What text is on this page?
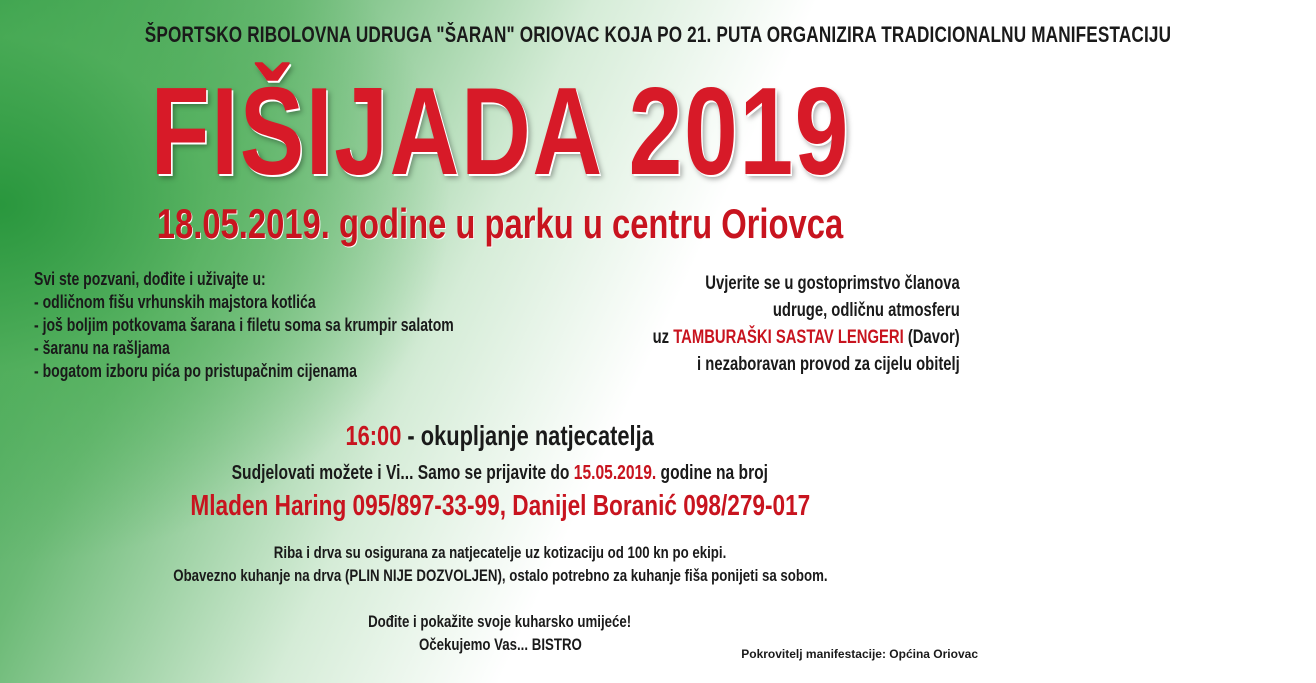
ŠPORTSKO RIBOLOVNA UDRUGA "ŠARAN" ORIOVAC KOJA PO 21. PUTA ORGANIZIRA TRADICIONALNU MANIFESTACIJU
FIŠIJADA 2019
18.05.2019. godine u parku u centru Oriovca
Svi ste pozvani, dođite i uživajte u:
- odličnom fišu vrhunskih majstora kotlića
- još boljim potkovama šarana i filetu soma sa krumpir salatom
- šaranu na rašljama
- bogatom izboru pića po pristupačnim cijenama
Uvjerite se u gostoprimstvo članova
udruge, odličnu atmosferu
uz TAMBURAŠKI SASTAV LENGERI (Davor)
i nezaboravan provod za cijelu obitelj
16:00 - okupljanje natjecatelja
Sudjelovati možete i Vi... Samo se prijavite do 15.05.2019. godine na broj
Mladen Haring 095/897-33-99, Danijel Boranić 098/279-017
Riba i drva su osigurana za natjecatelje uz kotizaciju od 100 kn po ekipi.
Obavezno kuhanje na drva (PLIN NIJE DOZVOLJEN), ostalo potrebno za kuhanje fiša ponijeti sa sobom.
Dođite i pokažite svoje kuharsko umijeće!
Očekujemo Vas... BISTRO	Pokrovitelj manifestacije: Općina Oriovac
